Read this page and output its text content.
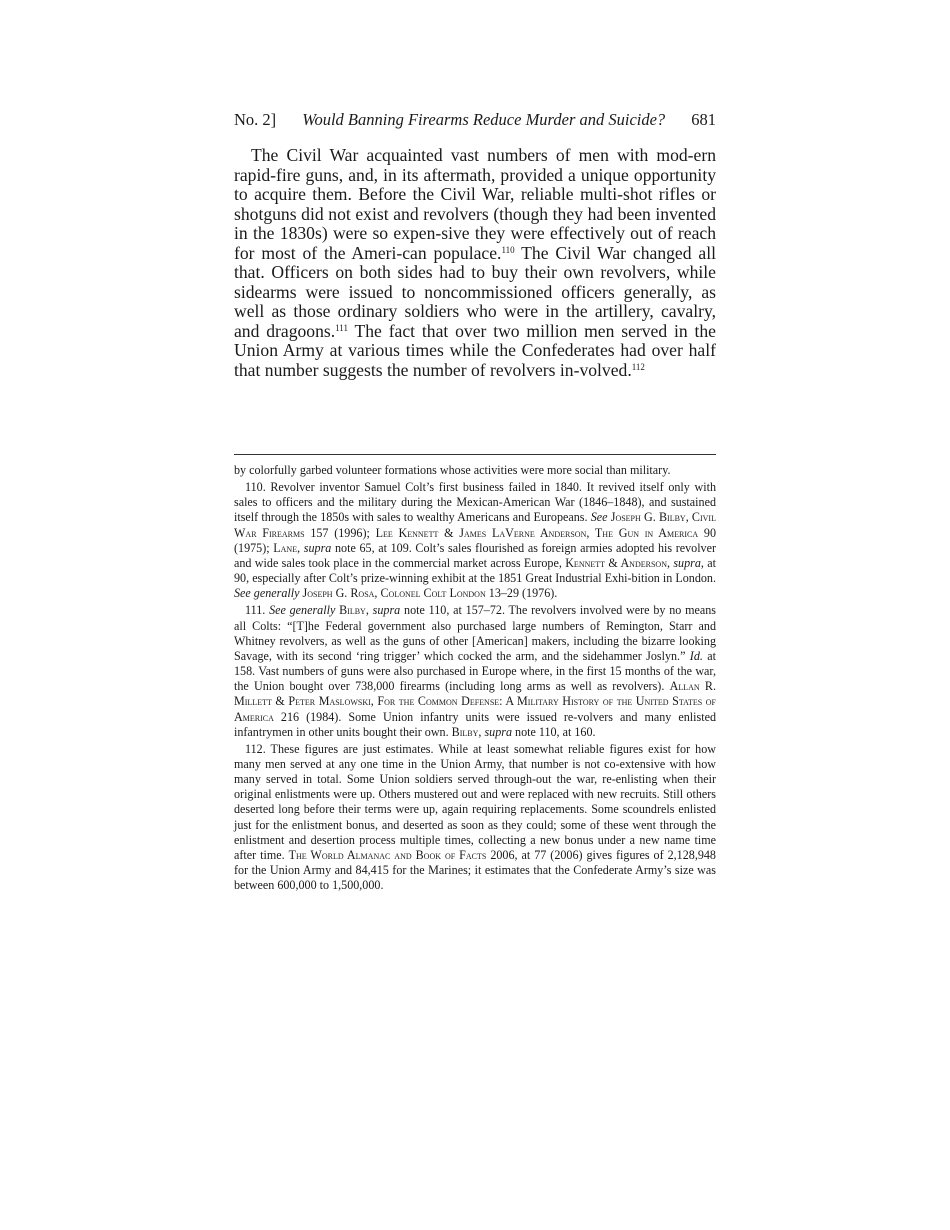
No. 2] Would Banning Firearms Reduce Murder and Suicide? 681

The Civil War acquainted vast numbers of men with mod-ern rapid-fire guns, and, in its aftermath, provided a unique opportunity to acquire them. Before the Civil War, reliable multi-shot rifles or shotguns did not exist and revolvers (though they had been invented in the 1830s) were so expen-sive they were effectively out of reach for most of the Ameri-can populace.$^{110}$ The Civil War changed all that. Officers on both sides had to buy their own revolvers, while sidearms were issued to noncommissioned officers generally, as well as those ordinary soldiers who were in the artillery, cavalry, and dragoons.$^{111}$ The fact that over two million men served in the Union Army at various times while the Confederates had over half that number suggests the number of revolvers in-volved.$^{112}$

by colorfully garbed volunteer formations whose activities were more social than military.

110. Revolver inventor Samuel Colt’s first business failed in 1840. It revived itself only with sales to officers and the military during the Mexican-American War (1846–1848), and sustained itself through the 1850s with sales to wealthy Americans and Europeans. See Joseph G. Bilby, Civil War Firearms 157 (1996); Lee Kennett & James LaVerne Anderson, The Gun in America 90 (1975); Lane, supra note 65, at 109. Colt’s sales flourished as foreign armies adopted his revolver and wide sales took place in the commercial market across Europe, Kennett & Anderson, supra, at 90, especially after Colt’s prize-winning exhibit at the 1851 Great Industrial Exhi-bition in London. See generally Joseph G. Rosa, Colonel Colt London 13–29 (1976).

111. See generally Bilby, supra note 110, at 157–72. The revolvers involved were by no means all Colts: “[T]he Federal government also purchased large numbers of Remington, Starr and Whitney revolvers, as well as the guns of other [American] makers, including the bizarre looking Savage, with its second ‘ring trigger’ which cocked the arm, and the sidehammer Joslyn.” Id. at 158. Vast numbers of guns were also purchased in Europe where, in the first 15 months of the war, the Union bought over 738,000 firearms (including long arms as well as revolvers). Allan R. Millett & Peter Maslowski, For the Common Defense: A Military History of the United States of America 216 (1984). Some Union infantry units were issued re-volvers and many enlisted infantrymen in other units bought their own. Bilby, supra note 110, at 160.

112. These figures are just estimates. While at least somewhat reliable figures exist for how many men served at any one time in the Union Army, that number is not co-extensive with how many served in total. Some Union soldiers served through-out the war, re-enlisting when their original enlistments were up. Others mustered out and were replaced with new recruits. Still others deserted long before their terms were up, again requiring replacements. Some scoundrels enlisted just for the enlistment bonus, and deserted as soon as they could; some of these went through the enlistment and desertion process multiple times, collecting a new bonus under a new name time after time. The World Almanac and Book of Facts 2006, at 77 (2006) gives figures of 2,128,948 for the Union Army and 84,415 for the Marines; it estimates that the Confederate Army’s size was between 600,000 to 1,500,000.
